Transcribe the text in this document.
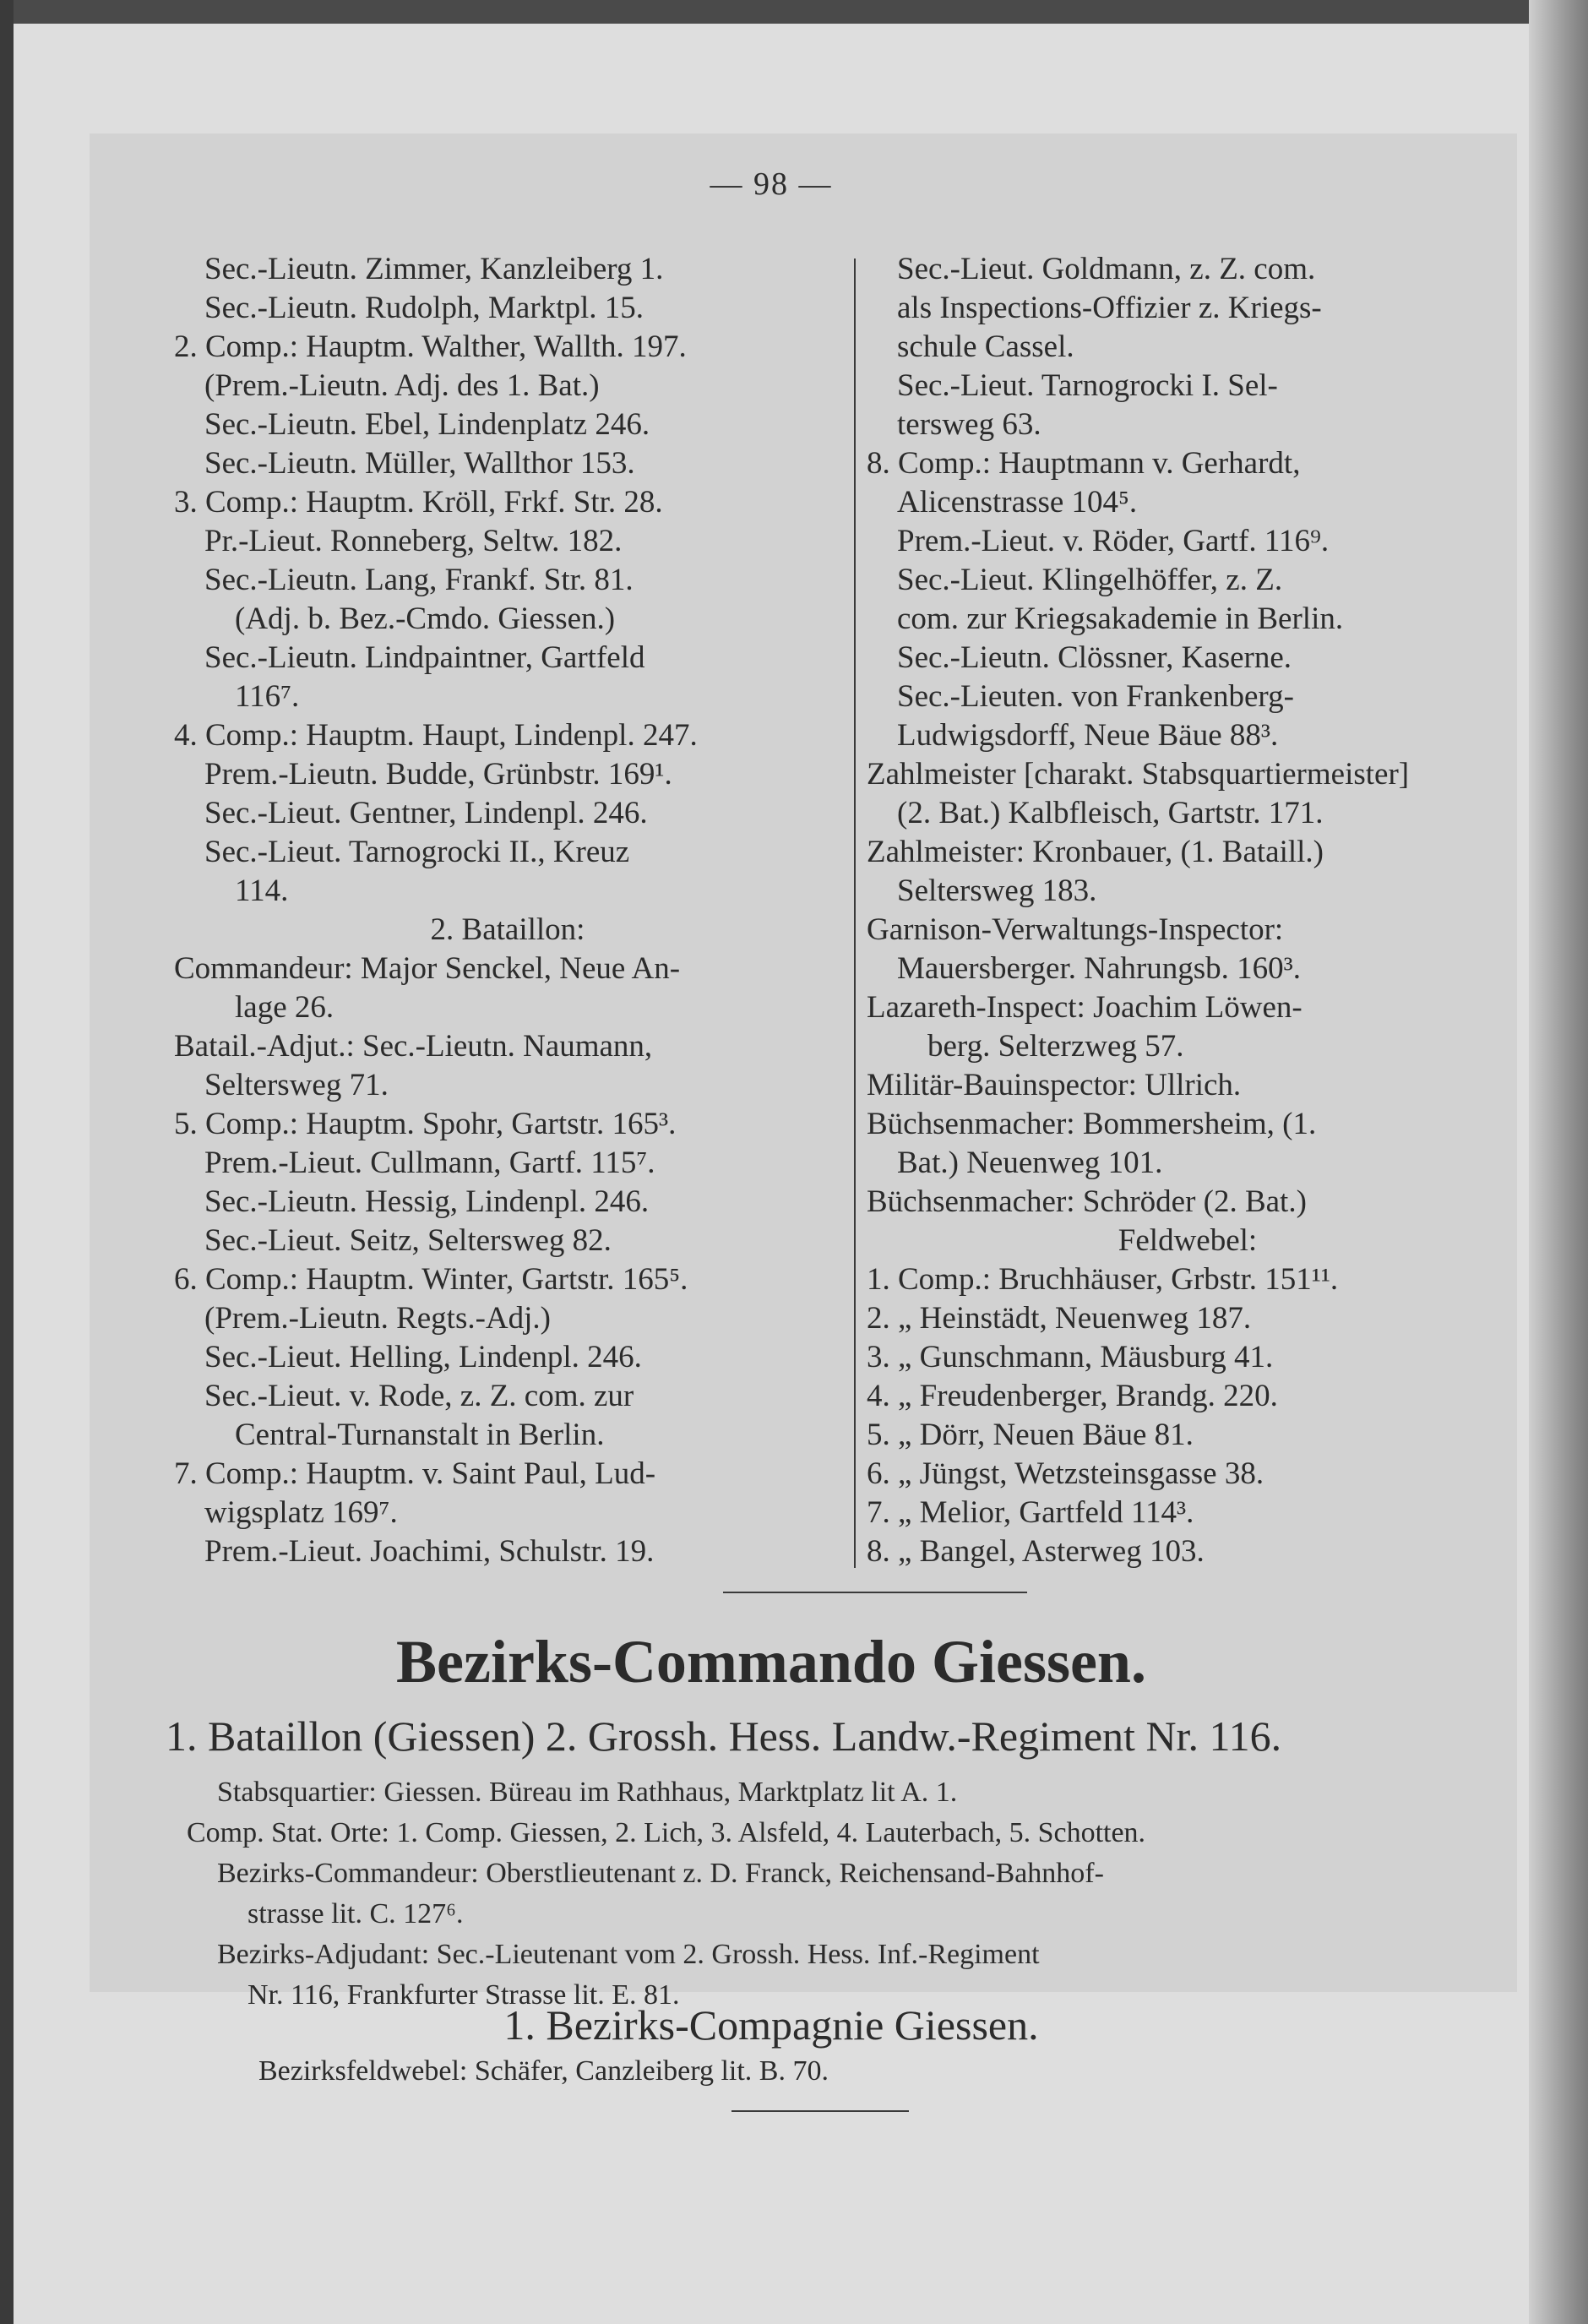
— 98 —
Sec.-Lieutn. Zimmer, Kanzleiberg 1.
Sec.-Lieutn. Rudolph, Marktpl. 15.
2. Comp.: Hauptm. Walther, Wallth. 197.
(Prem.-Lieutn. Adj. des 1. Bat.)
Sec.-Lieutn. Ebel, Lindenplatz 246.
Sec.-Lieutn. Müller, Wallthor 153.
3. Comp.: Hauptm. Kröll, Frkf. Str. 28.
Pr.-Lieut. Ronneberg, Seltw. 182.
Sec.-Lieutn. Lang, Frankf. Str. 81.
(Adj. b. Bez.-Cmdo. Giessen.)
Sec.-Lieutn. Lindpaintner, Gartfeld
116⁷.
4. Comp.: Hauptm. Haupt, Lindenpl. 247.
Prem.-Lieutn. Budde, Grünbstr. 169¹.
Sec.-Lieut. Gentner, Lindenpl. 246.
Sec.-Lieut. Tarnogrocki II., Kreuz
114.
2. Bataillon:
Commandeur: Major Senckel, Neue An-
lage 26.
Batail.-Adjut.: Sec.-Lieutn. Naumann,
Seltersweg 71.
5. Comp.: Hauptm. Spohr, Gartstr. 165³.
Prem.-Lieut. Cullmann, Gartf. 115⁷.
Sec.-Lieutn. Hessig, Lindenpl. 246.
Sec.-Lieut. Seitz, Seltersweg 82.
6. Comp.: Hauptm. Winter, Gartstr. 165⁵.
(Prem.-Lieutn. Regts.-Adj.)
Sec.-Lieut. Helling, Lindenpl. 246.
Sec.-Lieut. v. Rode, z. Z. com. zur
Central-Turnanstalt in Berlin.
7. Comp.: Hauptm. v. Saint Paul, Lud-
wigsplatz 169⁷.
Prem.-Lieut. Joachimi, Schulstr. 19.
Sec.-Lieut. Goldmann, z. Z. com.
als Inspections-Offizier z. Kriegs-
schule Cassel.
Sec.-Lieut. Tarnogrocki I. Sel-
tersweg 63.
8. Comp.: Hauptmann v. Gerhardt,
Alicenstrasse 104⁵.
Prem.-Lieut. v. Röder, Gartf. 116⁹.
Sec.-Lieut. Klingelhöffer, z. Z.
com. zur Kriegsakademie in Berlin.
Sec.-Lieutn. Clössner, Kaserne.
Sec.-Lieuten. von Frankenberg-
Ludwigsdorff, Neue Bäue 88³.
Zahlmeister [charakt. Stabsquartiermeister]
(2. Bat.) Kalbfleisch, Gartstr. 171.
Zahlmeister: Kronbauer, (1. Bataill.)
Seltersweg 183.
Garnison-Verwaltungs-Inspector:
Mauersberger. Nahrungsb. 160³.
Lazareth-Inspect: Joachim Löwen-
berg. Selterzweg 57.
Militär-Bauinspector: Ullrich.
Büchsenmacher: Bommersheim, (1.
Bat.) Neuenweg 101.
Büchsenmacher: Schröder (2. Bat.)
Feldwebel:
1. Comp.: Bruchhäuser, Grbstr. 151¹¹.
2. „ Heinstädt, Neuenweg 187.
3. „ Gunschmann, Mäusburg 41.
4. „ Freudenberger, Brandg. 220.
5. „ Dörr, Neuen Bäue 81.
6. „ Jüngst, Wetzsteinsgasse 38.
7. „ Melior, Gartfeld 114³.
8. „ Bangel, Asterweg 103.
Bezirks-Commando Giessen.
1. Bataillon (Giessen) 2. Grossh. Hess. Landw.-Regiment Nr. 116.
Stabsquartier: Giessen. Büreau im Rathhaus, Marktplatz lit A. 1.
Comp. Stat. Orte: 1. Comp. Giessen, 2. Lich, 3. Alsfeld, 4. Lauterbach, 5. Schotten.
Bezirks-Commandeur: Oberstlieutenant z. D. Franck, Reichensand-Bahnhof-
strasse lit. C. 127⁶.
Bezirks-Adjudant: Sec.-Lieutenant vom 2. Grossh. Hess. Inf.-Regiment
Nr. 116, Frankfurter Strasse lit. E. 81.
1. Bezirks-Compagnie Giessen.
Bezirksfeldwebel: Schäfer, Canzleiberg lit. B. 70.
